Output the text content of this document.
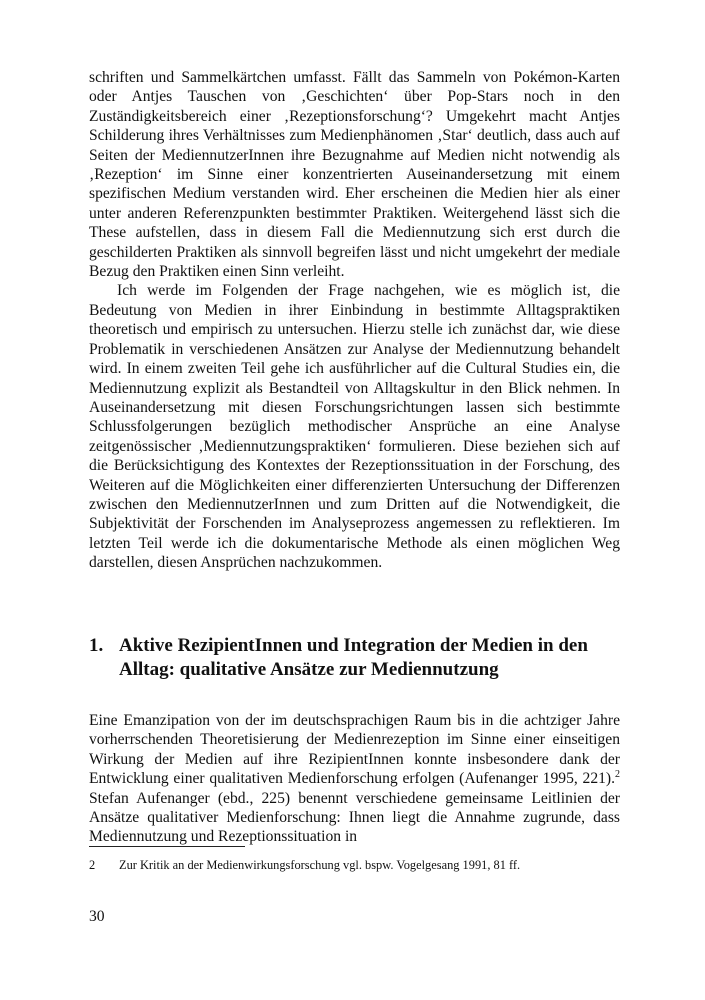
schriften und Sammelkärtchen umfasst. Fällt das Sammeln von Pokémon-Karten oder Antjes Tauschen von ‚Geschichten‘ über Pop-Stars noch in den Zuständigkeitsbereich einer ‚Rezeptionsforschung‘? Umgekehrt macht Antjes Schilderung ihres Verhältnisses zum Medienphänomen ‚Star‘ deutlich, dass auch auf Seiten der MediennutzerInnen ihre Bezugnahme auf Medien nicht notwendig als ‚Rezeption‘ im Sinne einer konzentrierten Auseinandersetzung mit einem spezifischen Medium verstanden wird. Eher erscheinen die Medien hier als einer unter anderen Referenzpunkten bestimmter Praktiken. Weitergehend lässt sich die These aufstellen, dass in diesem Fall die Mediennutzung sich erst durch die geschilderten Praktiken als sinnvoll begreifen lässt und nicht umgekehrt der mediale Bezug den Praktiken einen Sinn verleiht.

Ich werde im Folgenden der Frage nachgehen, wie es möglich ist, die Bedeutung von Medien in ihrer Einbindung in bestimmte Alltagspraktiken theoretisch und empirisch zu untersuchen. Hierzu stelle ich zunächst dar, wie diese Problematik in verschiedenen Ansätzen zur Analyse der Mediennutzung behandelt wird. In einem zweiten Teil gehe ich ausführlicher auf die Cultural Studies ein, die Mediennutzung explizit als Bestandteil von Alltagskultur in den Blick nehmen. In Auseinandersetzung mit diesen Forschungsrichtungen lassen sich bestimmte Schlussfolgerungen bezüglich methodischer Ansprüche an eine Analyse zeitgenössischer ‚Mediennutzungspraktiken‘ formulieren. Diese beziehen sich auf die Berücksichtigung des Kontextes der Rezeptionssituation in der Forschung, des Weiteren auf die Möglichkeiten einer differenzierten Untersuchung der Differenzen zwischen den MediennutzerInnen und zum Dritten auf die Notwendigkeit, die Subjektivität der Forschenden im Analyseprozess angemessen zu reflektieren. Im letzten Teil werde ich die dokumentarische Methode als einen möglichen Weg darstellen, diesen Ansprüchen nachzukommen.

1. Aktive RezipientInnen und Integration der Medien in den Alltag: qualitative Ansätze zur Mediennutzung

Eine Emanzipation von der im deutschsprachigen Raum bis in die achtziger Jahre vorherrschenden Theoretisierung der Medienrezeption im Sinne einer einseitigen Wirkung der Medien auf ihre RezipientInnen konnte insbesondere dank der Entwicklung einer qualitativen Medienforschung erfolgen (Aufenanger 1995, 221).$^2$ Stefan Aufenanger (ebd., 225) benennt verschiedene gemeinsame Leitlinien der Ansätze qualitativer Medienforschung: Ihnen liegt die Annahme zugrunde, dass Mediennutzung und Rezeptionssituation in

2	Zur Kritik an der Medienwirkungsforschung vgl. bspw. Vogelgesang 1991, 81 ff.
30
